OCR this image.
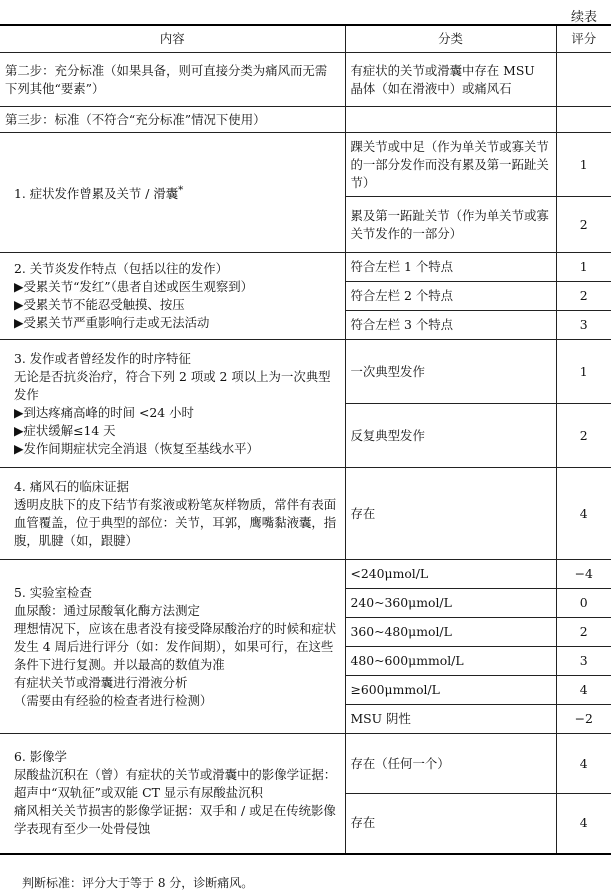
续表
内容	分类	评分
第二步：充分标准（如果具备，则可直接分类为痛风而无需下列其他“要素”）	有症状的关节或滑囊中存在 MSU 晶体（如在滑液中）或痛风石	
第三步：标准（不符合“充分标准”情况下使用）		
1. 症状发作曾累及关节 / 滑囊*	踝关节或中足（作为单关节或寡关节的一部分发作而没有累及第一跖趾关节）	1
	累及第一跖趾关节（作为单关节或寡关节发作的一部分）	2

2. 关节炎发作特点（包括以往的发作）
▶受累关节“发红”（患者自述或医生观察到）
▶受累关节不能忍受触摸、按压
▶受累关节严重影响行走或无法活动	符合左栏 1 个特点	1
	符合左栏 2 个特点	2
	符合左栏 3 个特点	3

3. 发作或者曾经发作的时序特征
无论是否抗炎治疗，符合下列 2 项或 2 项以上为一次典型发作
▶到达疼痛高峰的时间 <24 小时
▶症状缓解≤14 天
▶发作间期症状完全消退（恢复至基线水平）	一次典型发作	1
	反复典型发作	2

4. 痛风石的临床证据
透明皮肤下的皮下结节有浆液或粉笔灰样物质，常伴有表面血管覆盖，位于典型的部位：关节，耳郭，鹰嘴黏液囊，指腹，肌腱（如，跟腱）	存在	4

5. 实验室检查
血尿酸：通过尿酸氧化酶方法测定
理想情况下，应该在患者没有接受降尿酸治疗的时候和症状发生 4 周后进行评分（如：发作间期），如果可行，在这些条件下进行复测。并以最高的数值为准
有症状关节或滑囊进行滑液分析
（需要由有经验的检查者进行检测）	<240μmol/L	−4
	240~360μmol/L	0
	360~480μmol/L	2
	480~600μmmol/L	3
	≥600μmmol/L	4
	MSU 阴性	−2

6. 影像学
尿酸盐沉积在（曾）有症状的关节或滑囊中的影像学证据：超声中“双轨征”或双能 CT 显示有尿酸盐沉积
痛风相关关节损害的影像学证据：双手和 / 或足在传统影像学表现有至少一处骨侵蚀	存在（任何一个）	4
	存在	4
判断标准：评分大于等于 8 分，诊断痛风。
